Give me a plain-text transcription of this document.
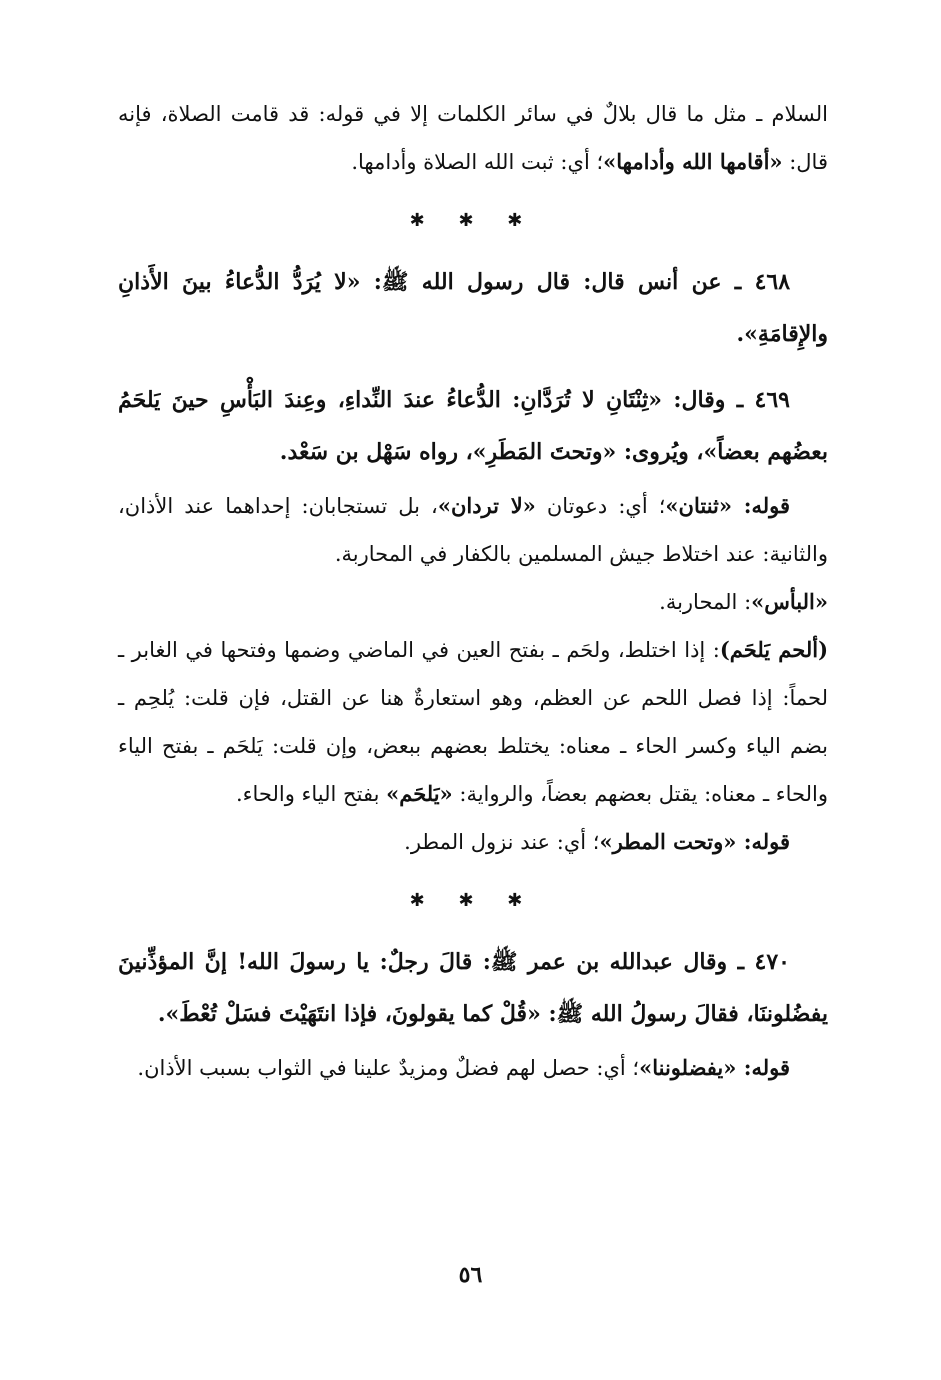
السلام ـ مثل ما قال بلالٌ في سائر الكلمات إلا في قوله: قد قامت الصلاة، فإنه قال: «أقامها الله وأدامها»؛ أي: ثبت الله الصلاة وأدامها.

✱ ✱ ✱

٤٦٨ ـ عن أنس قال: قال رسول الله ﷺ: «لا يُرَدُّ الدُّعاءُ بينَ الأَذانِ والإِقامَةِ».

٤٦٩ ـ وقال: «ثِنْتَانِ لا تُرَدَّانِ: الدُّعاءُ عندَ النِّداءِ، وعِندَ البَأْسِ حينَ يَلحَمُ بعضُهم بعضاً»، ويُروى: «وتحتَ المَطَرِ»، رواه سَهْل بن سَعْد.

قوله: «ثنتان»؛ أي: دعوتان «لا تردان»، بل تستجابان: إحداهما عند الأذان، والثانية: عند اختلاط جيش المسلمين بالكفار في المحاربة.

«البأس»: المحاربة.

(ألحم يَلحَم): إذا اختلط، ولحَم ـ بفتح العين في الماضي وضمها وفتحها في الغابر ـ لحماً: إذا فصل اللحم عن العظم، وهو استعارةٌ هنا عن القتل، فإن قلت: يُلحِم ـ بضم الياء وكسر الحاء ـ معناه: يختلط بعضهم ببعض، وإن قلت: يَلحَم ـ بفتح الياء والحاء ـ معناه: يقتل بعضهم بعضاً، والرواية: «يَلحَم» بفتح الياء والحاء.

قوله: «وتحت المطر»؛ أي: عند نزول المطر.

✱ ✱ ✱

٤٧٠ ـ وقال عبدالله بن عمر ﷺ: قالَ رجلٌ: يا رسولَ الله! إنَّ المؤذِّنينَ يفضُلوننَا، فقالَ رسولُ الله ﷺ: «قُلْ كما يقولونَ، فإذا انتَهَيْتَ فسَلْ تُعْطَ».

قوله: «يفضلوننا»؛ أي: حصل لهم فضلٌ ومزيدٌ علينا في الثواب بسبب الأذان.

٥٦
